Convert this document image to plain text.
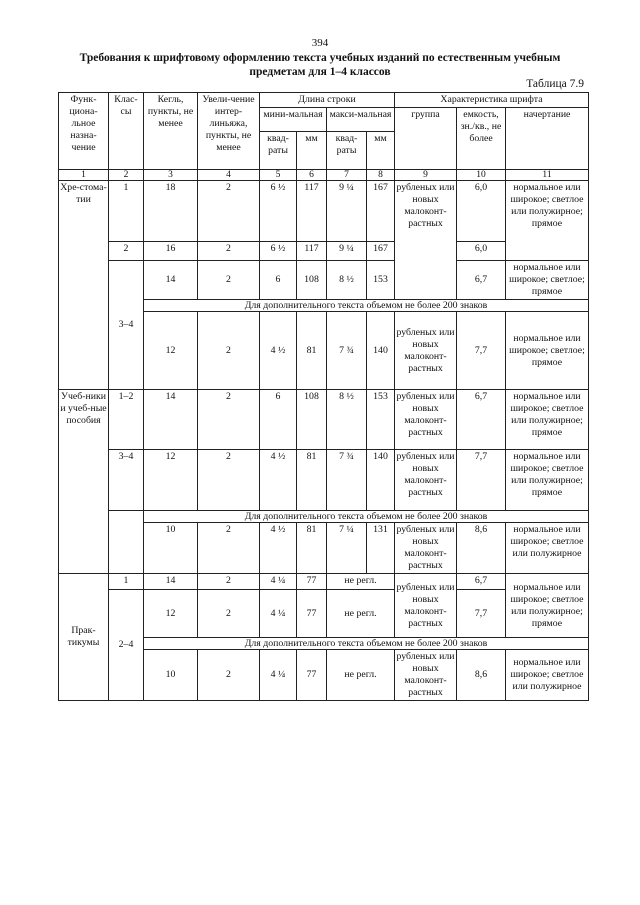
394
Требования к шрифтовому оформлению текста учебных изданий по естественным учебным предметам для 1–4 классов
Таблица 7.9
Функ-циона-льное назна-чение	Клас-сы	Кегль, пункты, не менее	Увели-чение интер-линьяжа, пункты, не менее	Длина строки				Характеристика шрифта		
				мини-мальная		макси-мальная		группа	емкость, зн./кв., не более	начертание
				квад-раты	мм	квад-раты	мм			
1	2	3	4	5	6	7	8	9	10	11
Хре-стома-тии	1	18	2	6 ½	117	9 ¼	167	рубленых или новых малоконт-растных	6,0	нормальное или широкое; светлое или полужирное; прямое
	2	16	2	6 ½	117	9 ¼	167		6,0	
	3–4	14	2	6	108	8 ½	153		6,7	нормальное или широкое; светлое; прямое
		Для дополнительного текста объемом не более 200 знаков								
		12	2	4 ½	81	7 ¾	140	рубленых или новых малоконт-растных	7,7	нормальное или широкое; светлое; прямое
Учеб-ники и учеб-ные пособия	1–2	14	2	6	108	8 ½	153	рубленых или новых малоконт-растных	6,7	нормальное или широкое; светлое или полужирное; прямое
	3–4	12	2	4 ½	81	7 ¾	140	рубленых или новых малоконт-растных	7,7	нормальное или широкое; светлое или полужирное; прямое
		Для дополнительного текста объемом не более 200 знаков								
		10	2	4 ½	81	7 ¼	131	рубленых или новых малоконт-растных	8,6	нормальное или широкое; светлое или полужирное
Прак-тикумы	1	14	2	4 ¼	77	не регл.		рубленых или новых малоконт-растных	6,7	нормальное или широкое; светлое или полужирное; прямое
	2–4	12	2	4 ¼	77	не регл.			7,7	
		Для дополнительного текста объемом не более 200 знаков								
		10	2	4 ¼	77	не регл.		рубленых или новых малоконт-растных	8,6	нормальное или широкое; светлое или полужирное
